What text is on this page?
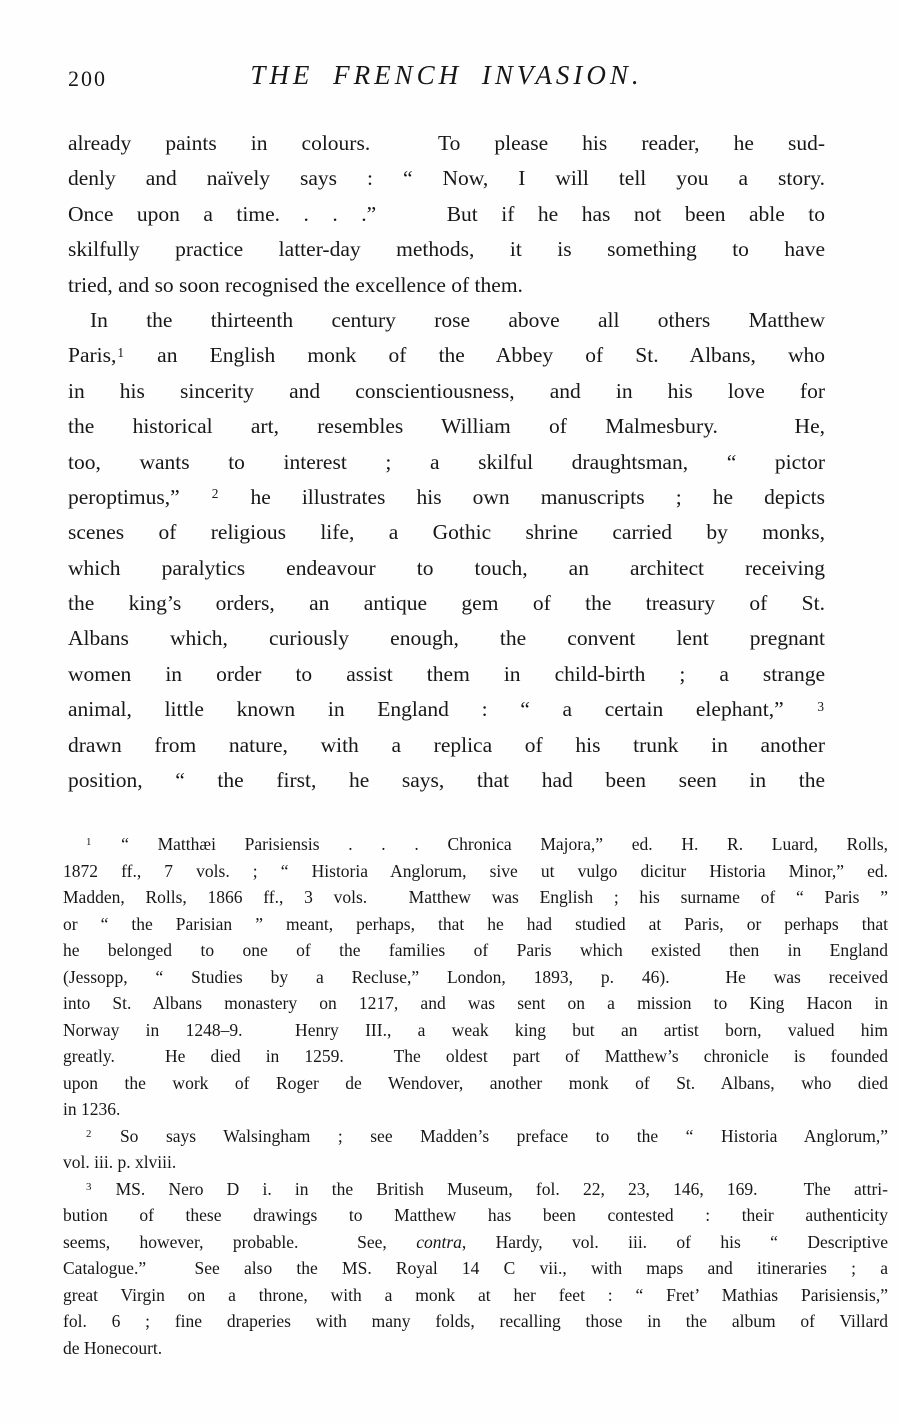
200	THE FRENCH INVASION.
already paints in colours.  To please his reader, he sud-
denly and naïvely says : “ Now, I will tell you a story.
Once upon a time. . . .”   But if he has not been able to
skilfully practice latter-day methods, it is something to have
tried, and so soon recognised the excellence of them.
In the thirteenth century rose above all others Matthew
Paris,$^1$ an English monk of the Abbey of St. Albans, who
in his sincerity and conscientiousness, and in his love for
the historical art, resembles William of Malmesbury.  He,
too, wants to interest ; a skilful draughtsman, “ pictor
peroptimus,” $^2$ he illustrates his own manuscripts ; he depicts
scenes of religious life, a Gothic shrine carried by monks,
which paralytics endeavour to touch, an architect receiving
the king’s orders, an antique gem of the treasury of St.
Albans which, curiously enough, the convent lent pregnant
women in order to assist them in child-birth ; a strange
animal, little known in England : “ a certain elephant,” $^3$
drawn from nature, with a replica of his trunk in another
position, “ the first, he says, that had been seen in the
$^1$ “ Matthæi Parisiensis . . . Chronica Majora,” ed. H. R. Luard, Rolls,
1872 ff., 7 vols. ; “ Historia Anglorum, sive ut vulgo dicitur Historia Minor,” ed.
Madden, Rolls, 1866 ff., 3 vols.  Matthew was English ; his surname of “ Paris ”
or “ the Parisian ” meant, perhaps, that he had studied at Paris, or perhaps that
he belonged to one of the families of Paris which existed then in England
(Jessopp, “ Studies by a Recluse,” London, 1893, p. 46).  He was received
into St. Albans monastery on 1217, and was sent on a mission to King Hacon in
Norway in 1248–9.  Henry III., a weak king but an artist born, valued him
greatly.  He died in 1259.  The oldest part of Matthew’s chronicle is founded
upon the work of Roger de Wendover, another monk of St. Albans, who died
in 1236.
$^2$ So says Walsingham ; see Madden’s preface to the “ Historia Anglorum,”
vol. iii. p. xlviii.
$^3$ MS. Nero D i. in the British Museum, fol. 22, 23, 146, 169.  The attri-
bution of these drawings to Matthew has been contested : their authenticity
seems, however, probable.  See, contra, Hardy, vol. iii. of his “ Descriptive
Catalogue.”  See also the MS. Royal 14 C vii., with maps and itineraries ; a
great Virgin on a throne, with a monk at her feet : “ Fret’ Mathias Parisiensis,”
fol. 6 ; fine draperies with many folds, recalling those in the album of Villard
de Honecourt.
